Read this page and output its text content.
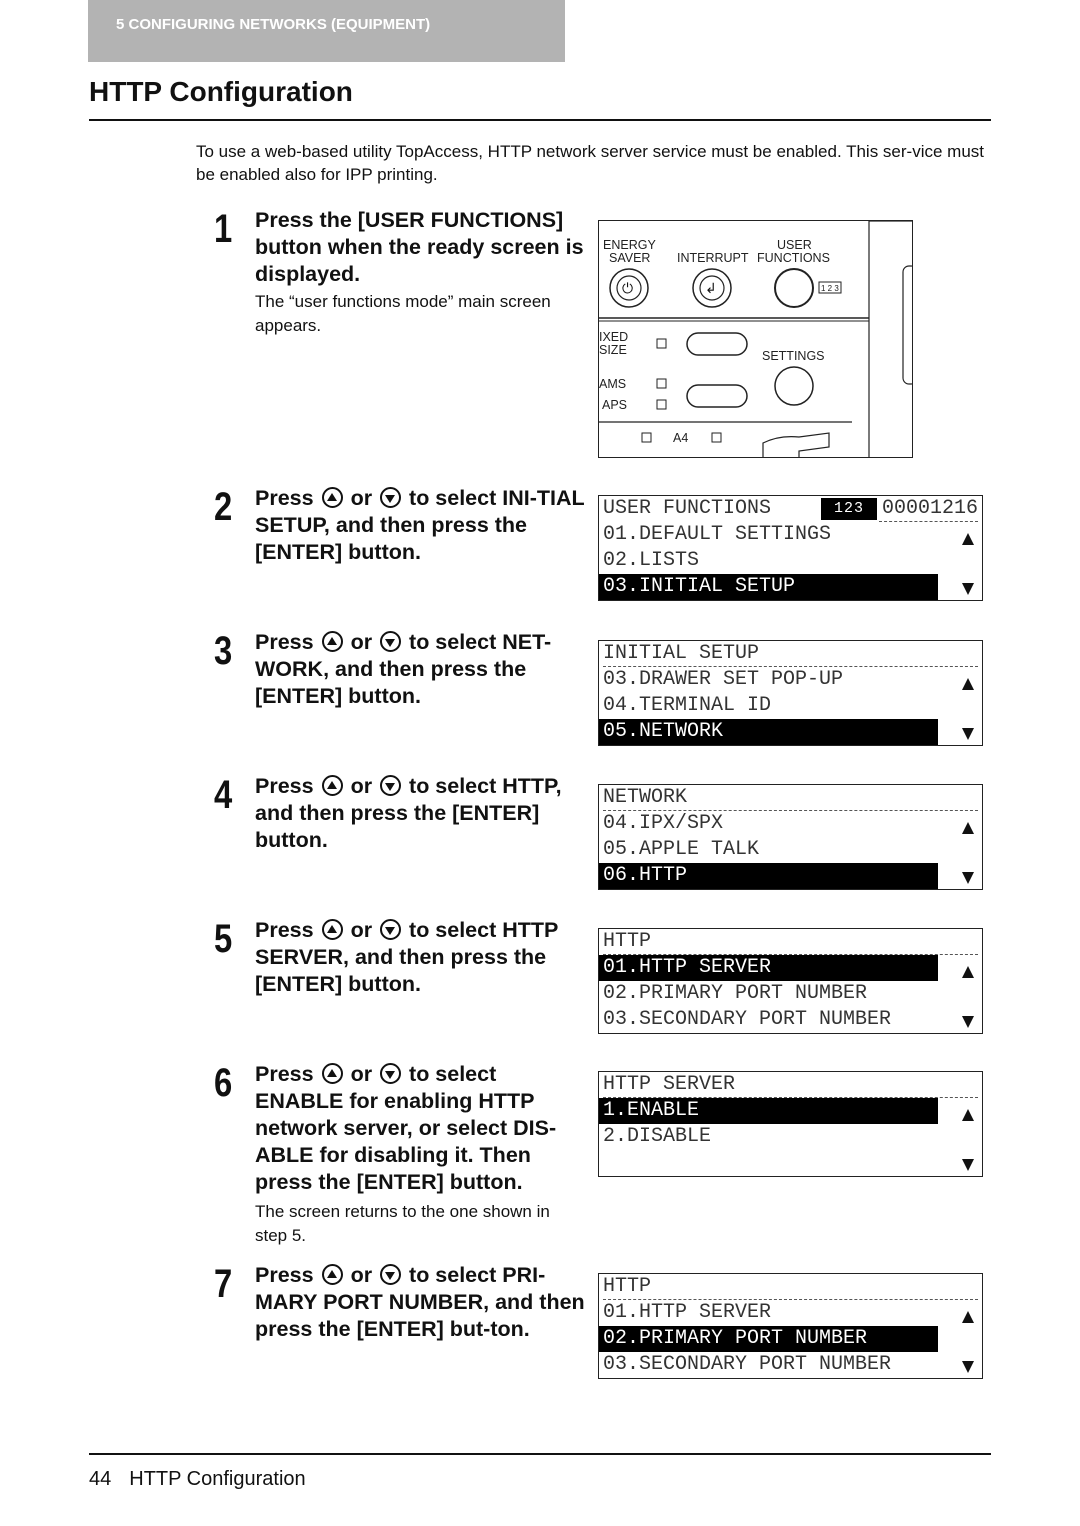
5 CONFIGURING NETWORKS (EQUIPMENT)
HTTP Configuration
To use a web-based utility TopAccess, HTTP network server service must be enabled. This ser-vice must be enabled also for IPP printing.
1 Press the [USER FUNCTIONS] button when the ready screen is displayed.
The “user functions mode” main screen appears.
⏻	↲
ENERGY
SAVER INTERRUPT
USER
FUNCTIONS
1 2 3
IXED
SIZE	SETTINGS
AMS
APS
A4
2 Press or to select INI-TIAL SETUP, and then press the [ENTER] button.
USER FUNCTIONS	123 00001216
01.DEFAULT SETTINGS
02.LISTS
03.INITIAL SETUP
3 Press or to select NET-WORK, and then press the [ENTER] button.
INITIAL SETUP
03.DRAWER SET POP-UP
04.TERMINAL ID
05.NETWORK
4 Press or to select HTTP, and then press the [ENTER] button.
NETWORK
04.IPX/SPX
05.APPLE TALK
06.HTTP
5 Press or to select HTTP SERVER, and then press the [ENTER] button.
HTTP
01.HTTP SERVER
02.PRIMARY PORT NUMBER
03.SECONDARY PORT NUMBER
6 Press or to select ENABLE for enabling HTTP network server, or select DIS-ABLE for disabling it. Then press the [ENTER] button.
The screen returns to the one shown in step 5.
HTTP SERVER
1.ENABLE
2.DISABLE
7 Press or to select PRI-MARY PORT NUMBER, and then press the [ENTER] but-ton.
HTTP
01.HTTP SERVER
02.PRIMARY PORT NUMBER
03.SECONDARY PORT NUMBER
44 HTTP Configuration
